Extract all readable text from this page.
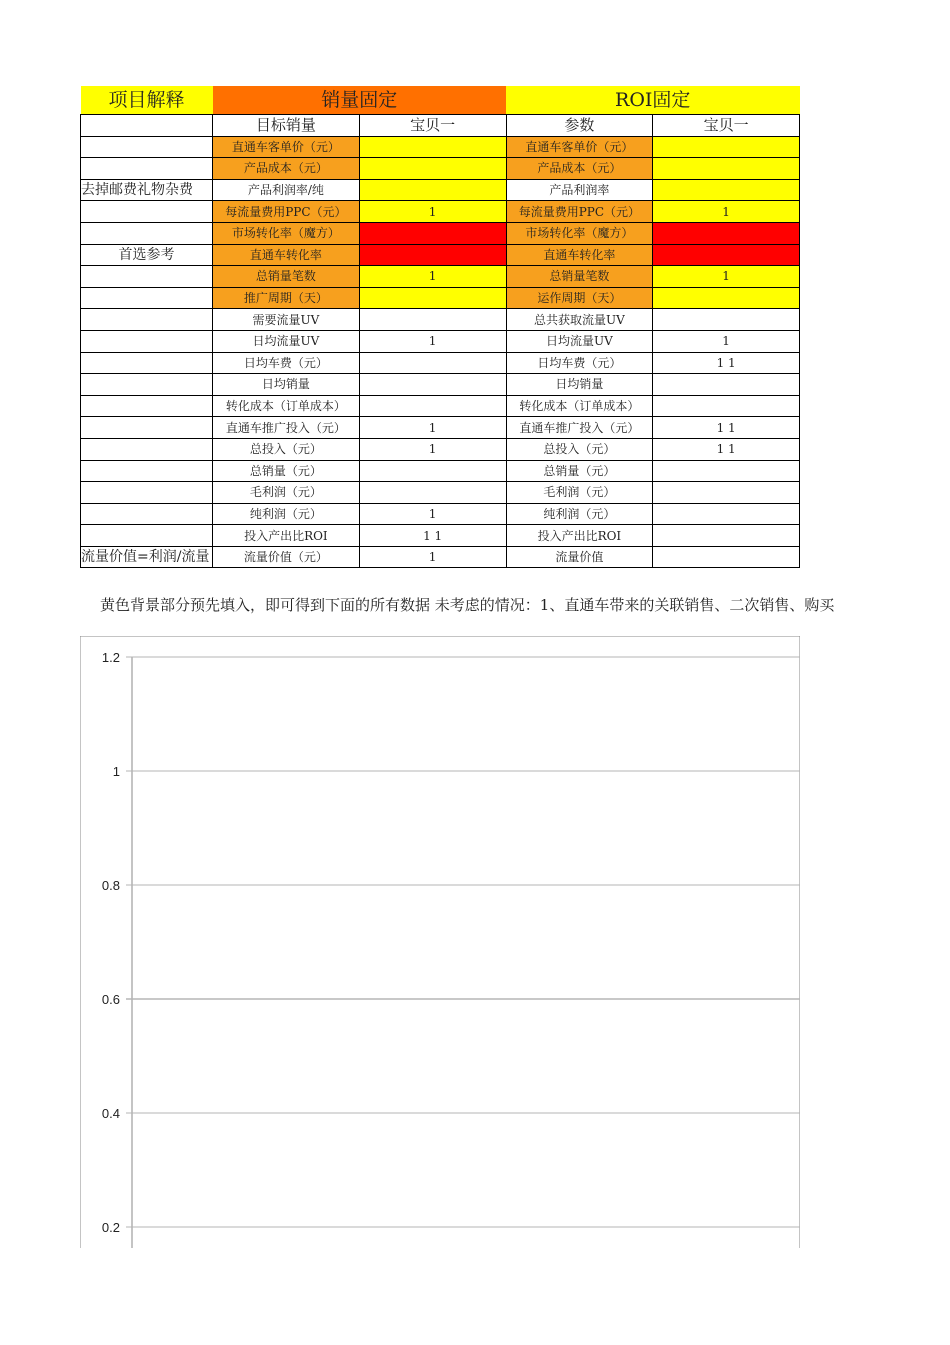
项目解释	销量固定		ROI固定	
	目标销量	宝贝一	参数	宝贝一
	直通车客单价（元）		直通车客单价（元）	
	产品成本（元）		产品成本（元）	
去掉邮费礼物杂费	产品利润率/纯		产品利润率	
	每流量费用PPC（元）	1	每流量费用PPC（元）	1
	市场转化率（魔方）		市场转化率（魔方）	
首选参考	直通车转化率		直通车转化率	
	总销量笔数	1	总销量笔数	1
	推广周期（天）		运作周期（天）	
	需要流量UV		总共获取流量UV	
	日均流量UV	1	日均流量UV	1
	日均车费（元）		日均车费（元）	1 1
	日均销量		日均销量	
	转化成本（订单成本）		转化成本（订单成本）	
	直通车推广投入（元）	1	直通车推广投入（元）	1 1
	总投入（元）	1	总投入（元）	1 1
	总销量（元）		总销量（元）	
	毛利润（元）		毛利润（元）	
	纯利润（元）	1	纯利润（元）	
	投入产出比ROI	1 1	投入产出比ROI	
流量价值=利润/流量	流量价值（元）	1	流量价值	
黄色背景部分预先填入，即可得到下面的所有数据 未考虑的情况：1、直通车带来的关联销售、二次销售、购买
1.2
1
0.8
0.6
0.4
0.2
